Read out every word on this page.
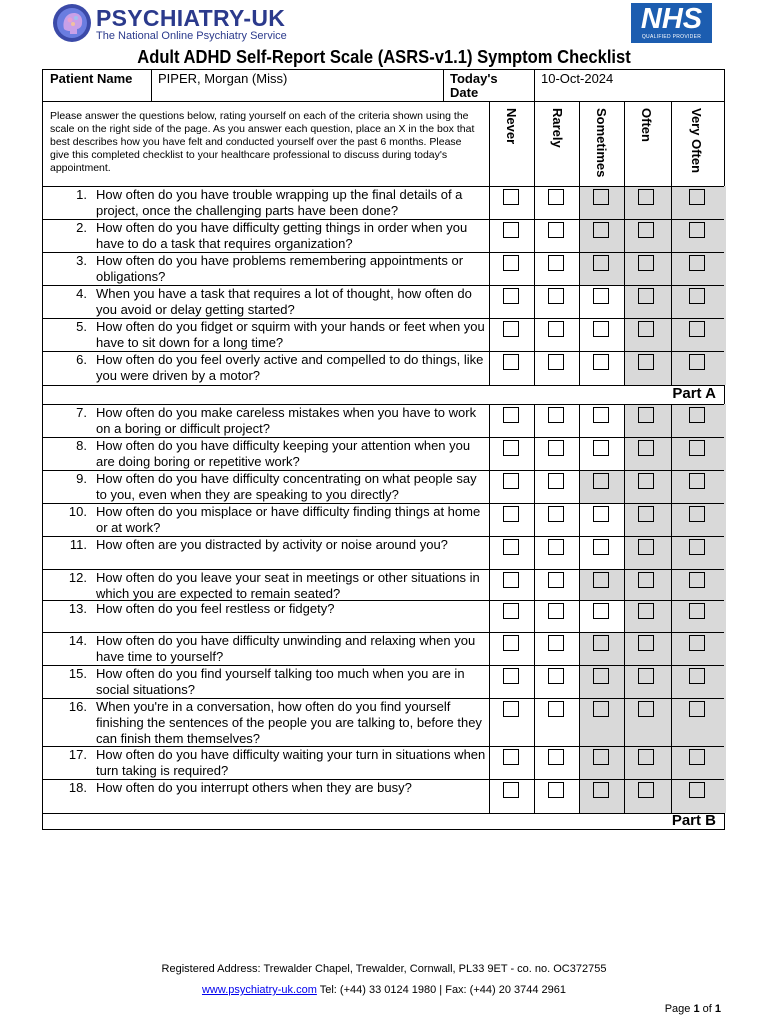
PSYCHIATRY-UK
The National Online Psychiatry Service
NHS
QUALIFIED PROVIDER
Adult ADHD Self-Report Scale (ASRS-v1.1) Symptom Checklist
Patient Name PIPER, Morgan (Miss)	Today's
Date
10-Oct-2024
Please answer the questions below, rating yourself on each of the criteria shown using the scale on the right side of the page. As you answer each question, place an X in the box that best describes how you have felt and conducted yourself over the past 6 months. Please give this completed checklist to your healthcare professional to discuss during today's appointment.
Never Rarely Sometimes Often	Very Often
1. How often do you have trouble wrapping up the final details of a
project, once the challenging parts have been done?
2. How often do you have difficulty getting things in order when you
have to do a task that requires organization?
3. How often do you have problems remembering appointments or
obligations?
4. When you have a task that requires a lot of thought, how often do
you avoid or delay getting started?
5. How often do you fidget or squirm with your hands or feet when you
have to sit down for a long time?
6. How often do you feel overly active and compelled to do things, like
you were driven by a motor?
7. How often do you make careless mistakes when you have to work
on a boring or difficult project?
8. How often do you have difficulty keeping your attention when you
are doing boring or repetitive work?
9. How often do you have difficulty concentrating on what people say
to you, even when they are speaking to you directly?
10. How often do you misplace or have difficulty finding things at home
or at work?
11. How often are you distracted by activity or noise around you?
12. How often do you leave your seat in meetings or other situations in
which you are expected to remain seated?
13. How often do you feel restless or fidgety?
14. How often do you have difficulty unwinding and relaxing when you
have time to yourself?
15. How often do you find yourself talking too much when you are in
social situations?
16. When you're in a conversation, how often do you find yourself
finishing the sentences of the people you are talking to, before they
can finish them themselves?
17. How often do you have difficulty waiting your turn in situations when
turn taking is required?
18. How often do you interrupt others when they are busy?
Part A
Part B
Registered Address: Trewalder Chapel, Trewalder, Cornwall, PL33 9ET - co. no. OC372755
www.psychiatry-uk.com Tel: (+44) 33 0124 1980 | Fax: (+44) 20 3744 2961
Page 1 of 1
